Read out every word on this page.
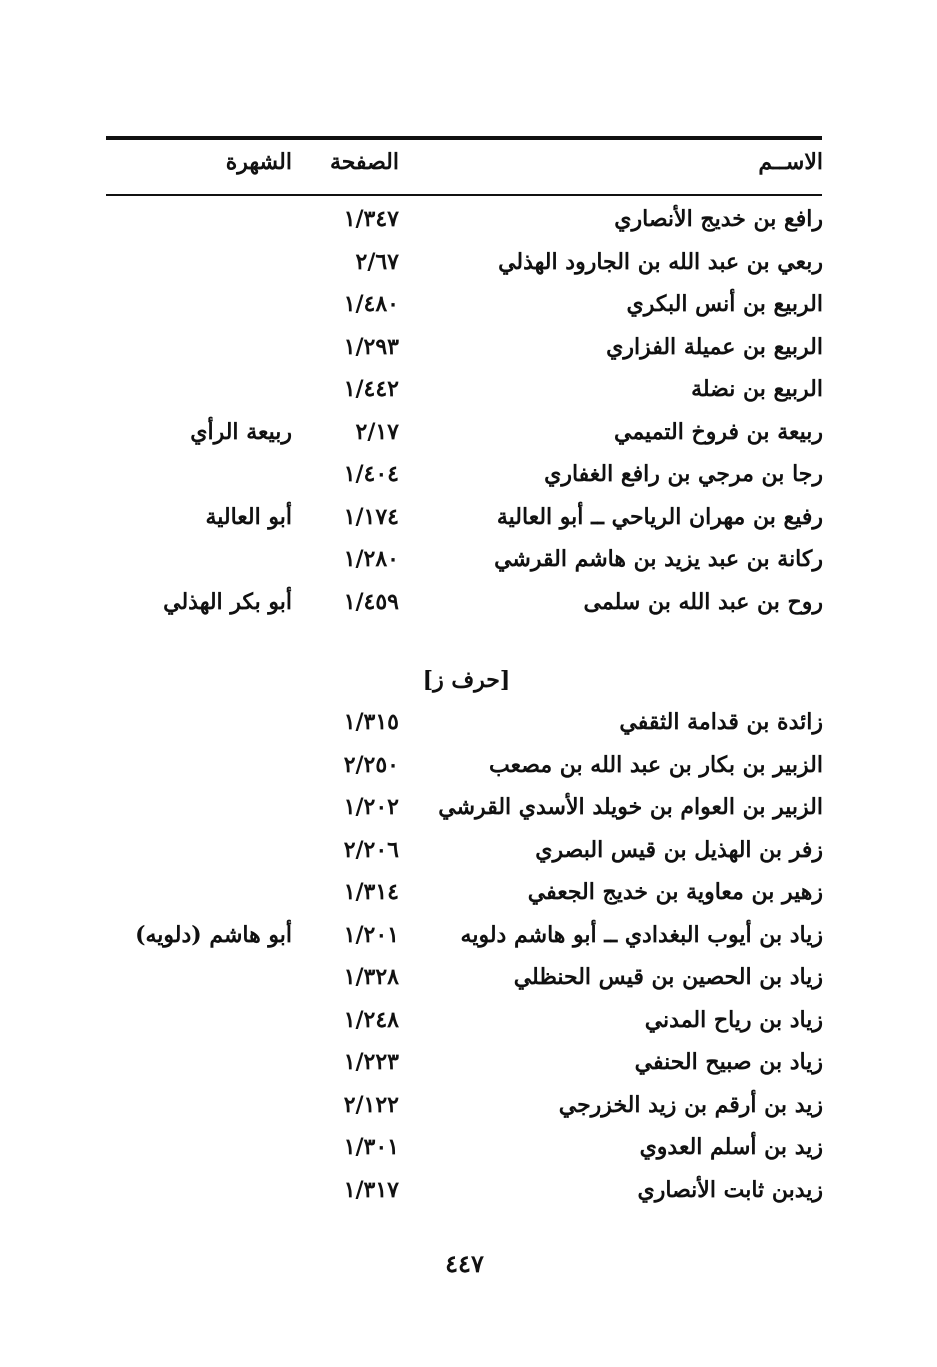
الاســم
الصفحة
الشهرة
رافع بن خديج الأنصاري
١/٣٤٧
ربعي بن عبد الله بن الجارود الهذلي
٢/٦٧
الربيع بن أنس البكري
١/٤٨٠
الربيع بن عميلة الفزاري
١/٢٩٣
الربيع بن نضلة
١/٤٤٢
ربيعة بن فروخ التميمي
٢/١٧
ربيعة الرأي
رجا بن مرجي بن رافع الغفاري
١/٤٠٤
رفيع بن مهران الرياحي ــ أبو العالية
١/١٧٤
أبو العالية
ركانة بن عبد يزيد بن هاشم القرشي
١/٢٨٠
روح بن عبد الله بن سلمى
١/٤٥٩
أبو بكر الهذلي
[حرف ز]
زائدة بن قدامة الثقفي
١/٣١٥
الزبير بن بكار بن عبد الله بن مصعب
٢/٢٥٠
الزبير بن العوام بن خويلد الأسدي القرشي
١/٢٠٢
زفر بن الهذيل بن قيس البصري
٢/٢٠٦
زهير بن معاوية بن خديج الجعفي
١/٣١٤
زياد بن أيوب البغدادي ــ أبو هاشم دلويه
١/٢٠١
أبو هاشم (دلويه)
زياد بن الحصين بن قيس الحنظلي
١/٣٢٨
زياد بن رياح المدني
١/٢٤٨
زياد بن صبيح الحنفي
١/٢٢٣
زيد بن أرقم بن زيد الخزرجي
٢/١٢٢
زيد بن أسلم العدوي
١/٣٠١
زيدبن ثابت الأنصاري
١/٣١٧
٤٤٧
